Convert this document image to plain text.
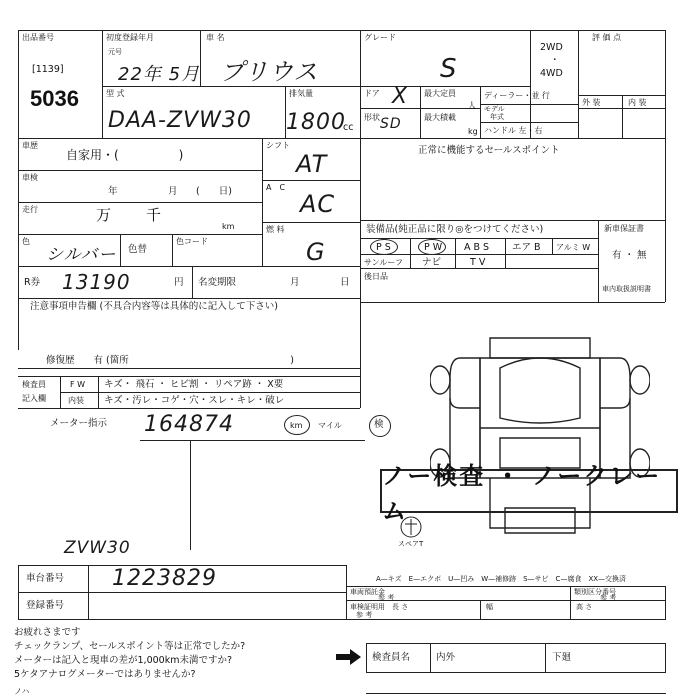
出品番号
[1139]
5036
初度登録年月
元号
22年 5月
車 名
プリウス
グレード
S
2WD
・
4WD
評 価 点
型 式
DAA-ZVW30
排気量
1800
cc
ドア X
形状 SD
最大定員
人
最大積載
kg
ディーラー・並 行
モデル
年式
ハンドル 左・右
外 装	内 装
車歴
自家用・(　　　　　)
シフト
AT
A　C
AC
燃 料
G
正常に機能するセールスポイント
車検
年	月 (　　日)
走行	万 千
km
色
シルバー 色替
色コード
装備品(純正品に限り◎をつけてください)
P S	P W A B S エア B アルミ W
サンルーフ ナビ	T V
後日品
新車保証書
有 ・ 無
車内取扱説明書
R券 13190	円 名変期限	月	日
注意事項申告欄 (不具合内容等は具体的に記入して下さい)
修復歴　　有 (箇所　　　　　　　　　　　　　　　　　)
検査員
記入欄
F W キズ・ 飛石 ・ ヒビ割 ・ リペア跡 ・ X要
内装 キズ・汚レ・コゲ・穴・スレ・キレ・破レ
メーター指示 164874	km マイル	検
ZVW30
ノー検査 ・ ノークレーム
スペアT
A—キズ　E—エクボ　U—凹み　W—補修跡　S—サビ　C—腐食　XX—交換済
車両預託金
参 考
類別区分番号
参 考
車検証明用 長 さ	幅	高 さ
参 考
車台番号 1223829
登録番号
お疲れさまです
チェックランプ、セールスポイント等は正常でしたか?
メーターは記入と現車の差が1,000km未満ですか?
5ケタアナログメーターではありませんか?
ノハ
検査員名	内外	下廻
